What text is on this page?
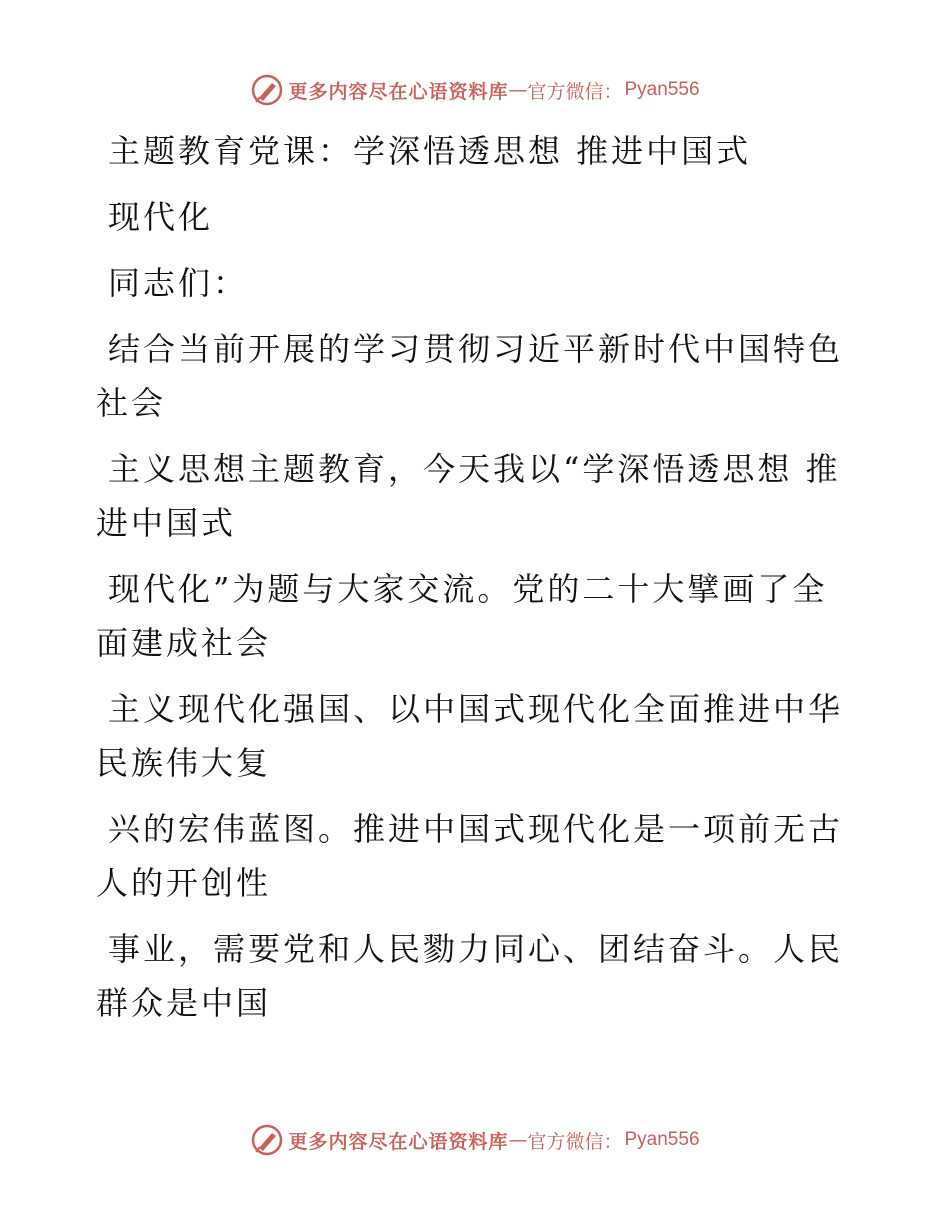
更多内容尽在心语资料库 — 官方微信： Pyan556
主题教育党课：学深悟透思想 推进中国式
现代化
同志们：
结合当前开展的学习贯彻习近平新时代中国特色
社会
主义思想主题教育，今天我以“学深悟透思想 推
进中国式
现代化”为题与大家交流。党的二十大擘画了全
面建成社会
主义现代化强国、以中国式现代化全面推进中华
民族伟大复
兴的宏伟蓝图。推进中国式现代化是一项前无古
人的开创性
事业，需要党和人民勠力同心、团结奋斗。人民
群众是中国
更多内容尽在心语资料库 — 官方微信： Pyan556
